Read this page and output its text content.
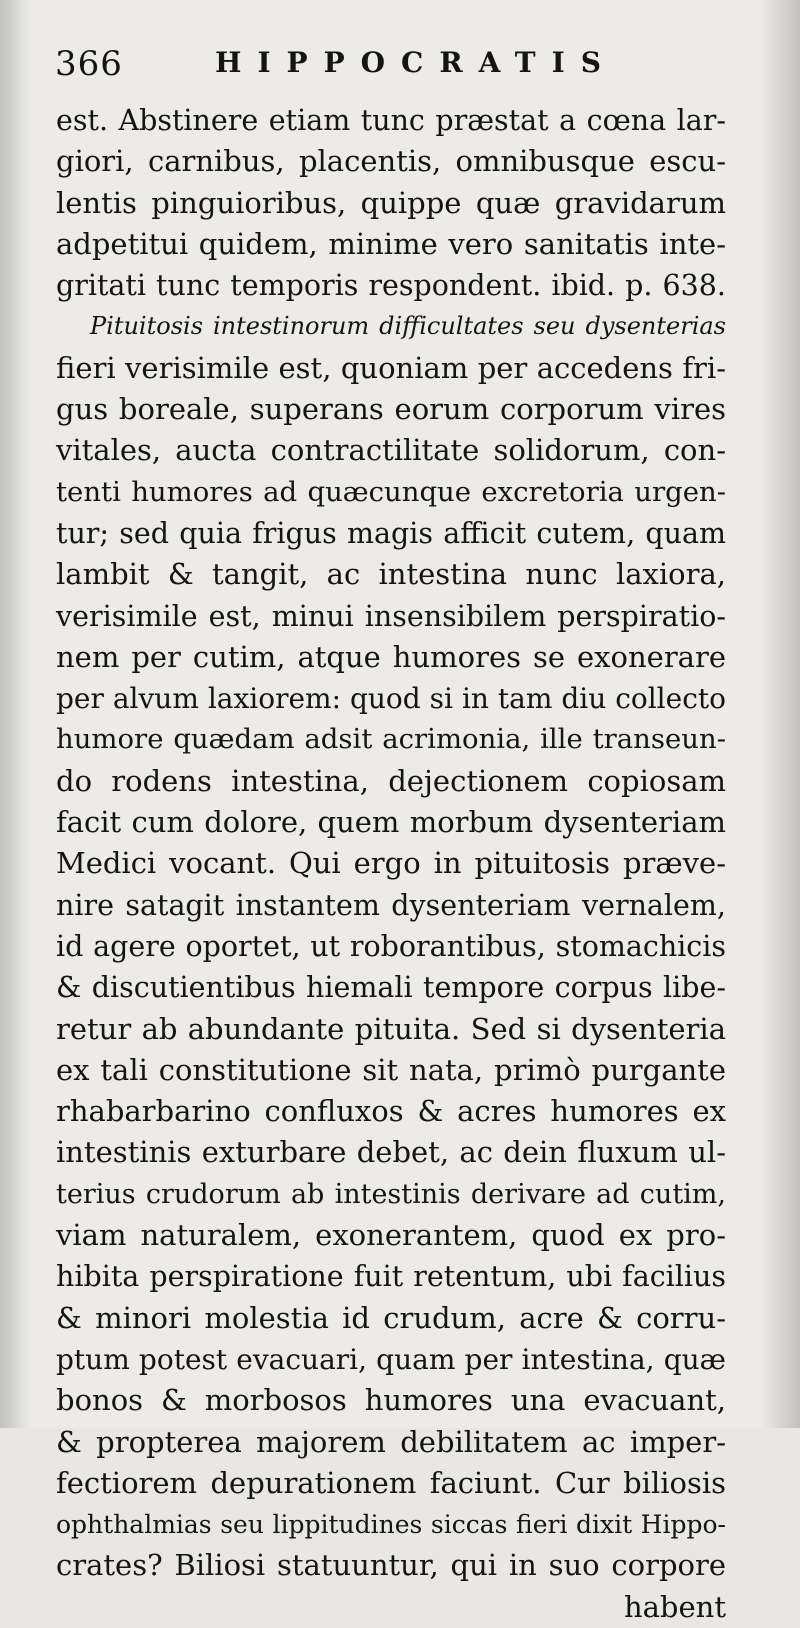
366	HIPPOCRATIS
est. Abstinere etiam tunc præstat a cœna lar-
giori, carnibus, placentis, omnibusque escu-
lentis pinguioribus, quippe quæ gravidarum
adpetitui quidem, minime vero sanitatis inte-
gritati tunc temporis respondent. ibid. p. 638.
Pituitosis intestinorum difficultates seu dysenterias
fieri verisimile est, quoniam per accedens fri-
gus boreale, superans eorum corporum vires
vitales, aucta contractilitate solidorum, con-
tenti humores ad quæcunque excretoria urgen-
tur; sed quia frigus magis afficit cutem, quam
lambit & tangit, ac intestina nunc laxiora,
verisimile est, minui insensibilem perspiratio-
nem per cutim, atque humores se exonerare
per alvum laxiorem: quod si in tam diu collecto
humore quædam adsit acrimonia, ille transeun-
do rodens intestina, dejectionem copiosam
facit cum dolore, quem morbum dysenteriam
Medici vocant. Qui ergo in pituitosis præve-
nire satagit instantem dysenteriam vernalem,
id agere oportet, ut roborantibus, stomachicis
& discutientibus hiemali tempore corpus libe-
retur ab abundante pituita. Sed si dysenteria
ex tali constitutione sit nata, primò purgante
rhabarbarino confluxos & acres humores ex
intestinis exturbare debet, ac dein fluxum ul-
terius crudorum ab intestinis derivare ad cutim,
viam naturalem, exonerantem, quod ex pro-
hibita perspiratione fuit retentum, ubi facilius
& minori molestia id crudum, acre & corru-
ptum potest evacuari, quam per intestina, quæ
bonos & morbosos humores una evacuant,
& propterea majorem debilitatem ac imper-
fectiorem depurationem faciunt. Cur biliosis
ophthalmias seu lippitudines siccas fieri dixit Hippo-
crates? Biliosi statuuntur, qui in suo corpore
habent
